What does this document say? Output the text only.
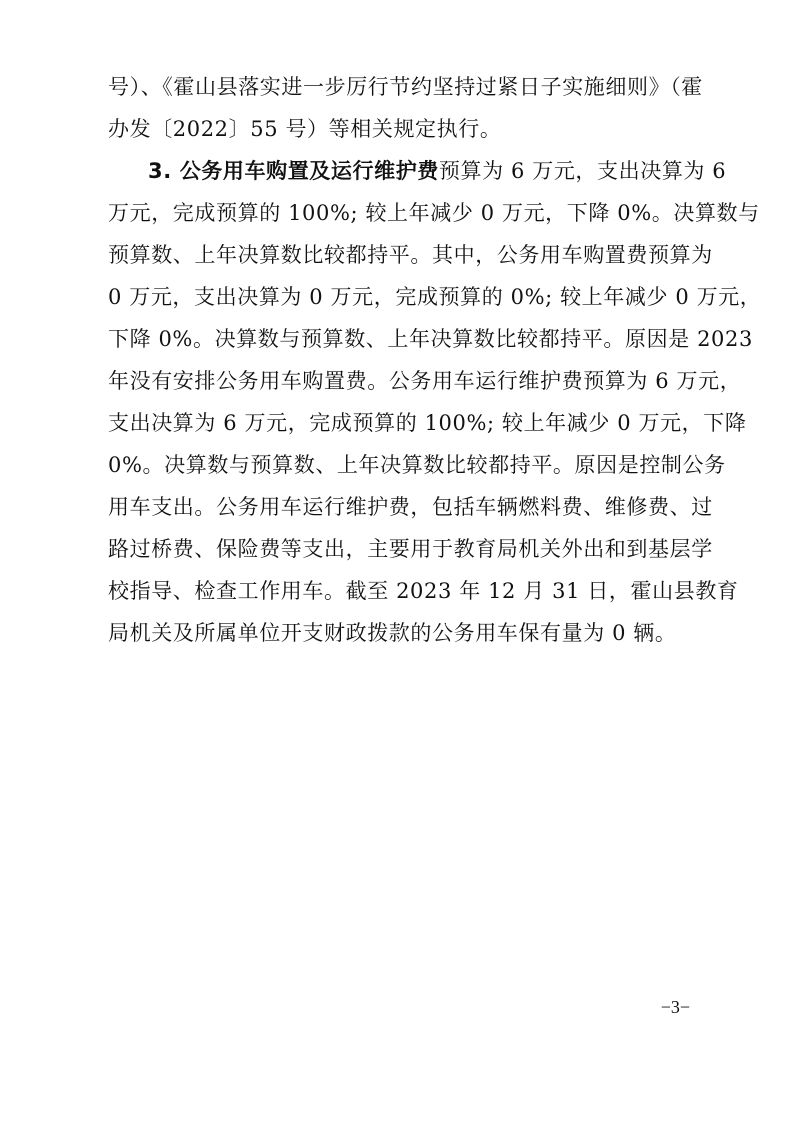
号）、《霍山县落实进一步厉行节约坚持过紧日子实施细则》（霍
办发〔2022〕55 号）等相关规定执行。
3. 公务用车购置及运行维护费预算为 6 万元，支出决算为 6
万元，完成预算的 100%; 较上年减少 0 万元，下降 0%。决算数与
预算数、上年决算数比较都持平。其中，公务用车购置费预算为
0 万元，支出决算为 0 万元，完成预算的 0%; 较上年减少 0 万元，
下降 0%。决算数与预算数、上年决算数比较都持平。原因是 2023
年没有安排公务用车购置费。公务用车运行维护费预算为 6 万元，
支出决算为 6 万元，完成预算的 100%; 较上年减少 0 万元，下降
0%。决算数与预算数、上年决算数比较都持平。原因是控制公务
用车支出。公务用车运行维护费，包括车辆燃料费、维修费、过
路过桥费、保险费等支出，主要用于教育局机关外出和到基层学
校指导、检查工作用车。截至 2023 年 12 月 31 日，霍山县教育
局机关及所属单位开支财政拨款的公务用车保有量为 0 辆。
−3−
